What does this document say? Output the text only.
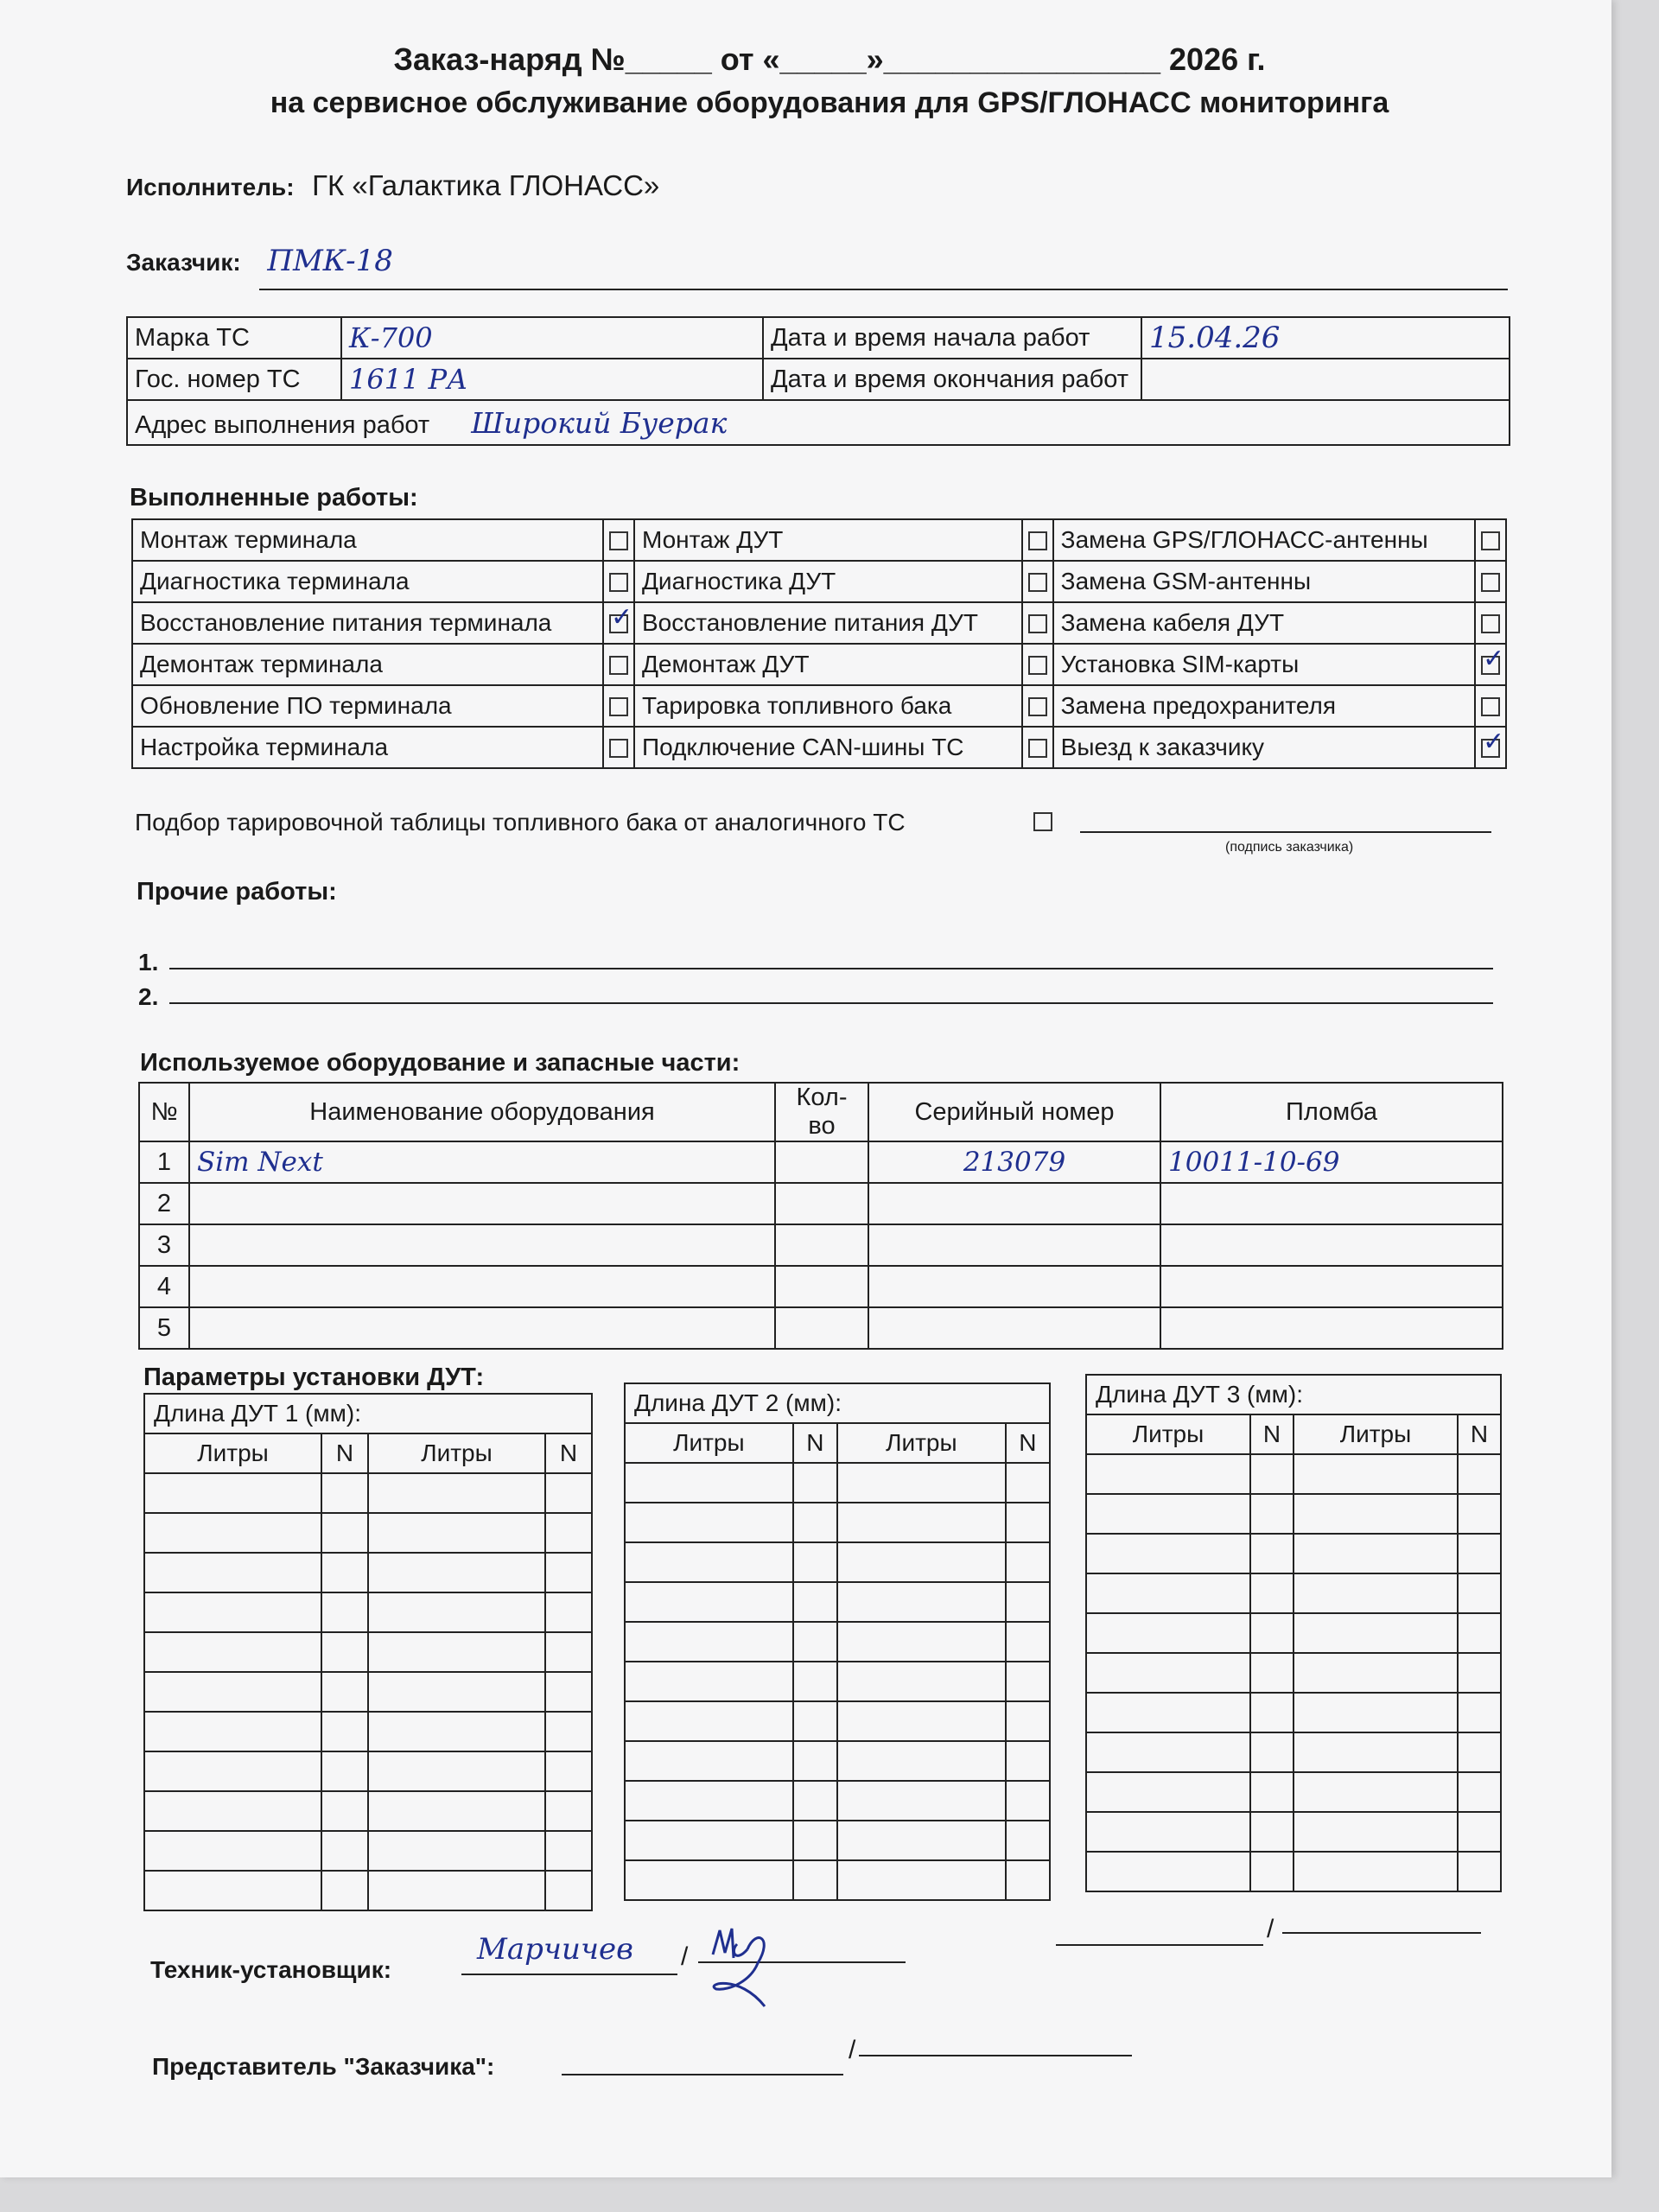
Заказ-наряд №_____ от «_____»________________ 2026 г.
на сервисное обслуживание оборудования для GPS/ГЛОНАСС мониторинга
Исполнитель: ГК «Галактика ГЛОНАСС»
Заказчик: ПМК-18
Марка ТС	К-700	Дата и время начала работ	15.04.26
Гос. номер ТС	1611 РА	Дата и время окончания работ	
Адрес выполнения работ Широкий Буерак			
Выполненные работы:
Монтаж терминала		Монтаж ДУТ		Замена GPS/ГЛОНАСС-антенны	
Диагностика терминала		Диагностика ДУТ		Замена GSM-антенны	
Восстановление питания терминала	✓	Восстановление питания ДУТ		Замена кабеля ДУТ	
Демонтаж терминала		Демонтаж ДУТ		Установка SIM-карты	✓
Обновление ПО терминала		Тарировка топливного бака		Замена предохранителя	
Настройка терминала		Подключение CAN-шины ТС		Выезд к заказчику	✓
Подбор тарировочной таблицы топливного бака от аналогичного ТС
(подпись заказчика)
Прочие работы:
1.
2.
Используемое оборудование и запасные части:
№	Наименование оборудования	Кол-во	Серийный номер	Пломба
1	Sim Next		213079	10011-10-69
2				
3				
4				
5				
Параметры установки ДУТ:
Длина ДУТ 1 (мм):			
Литры	N	Литры	N

Длина ДУТ 2 (мм):			
Литры	N	Литры	N

Длина ДУТ 3 (мм):			
Литры	N	Литры	N

Техник-установщик:
Марчичев /
/
Представитель "Заказчика":
/
